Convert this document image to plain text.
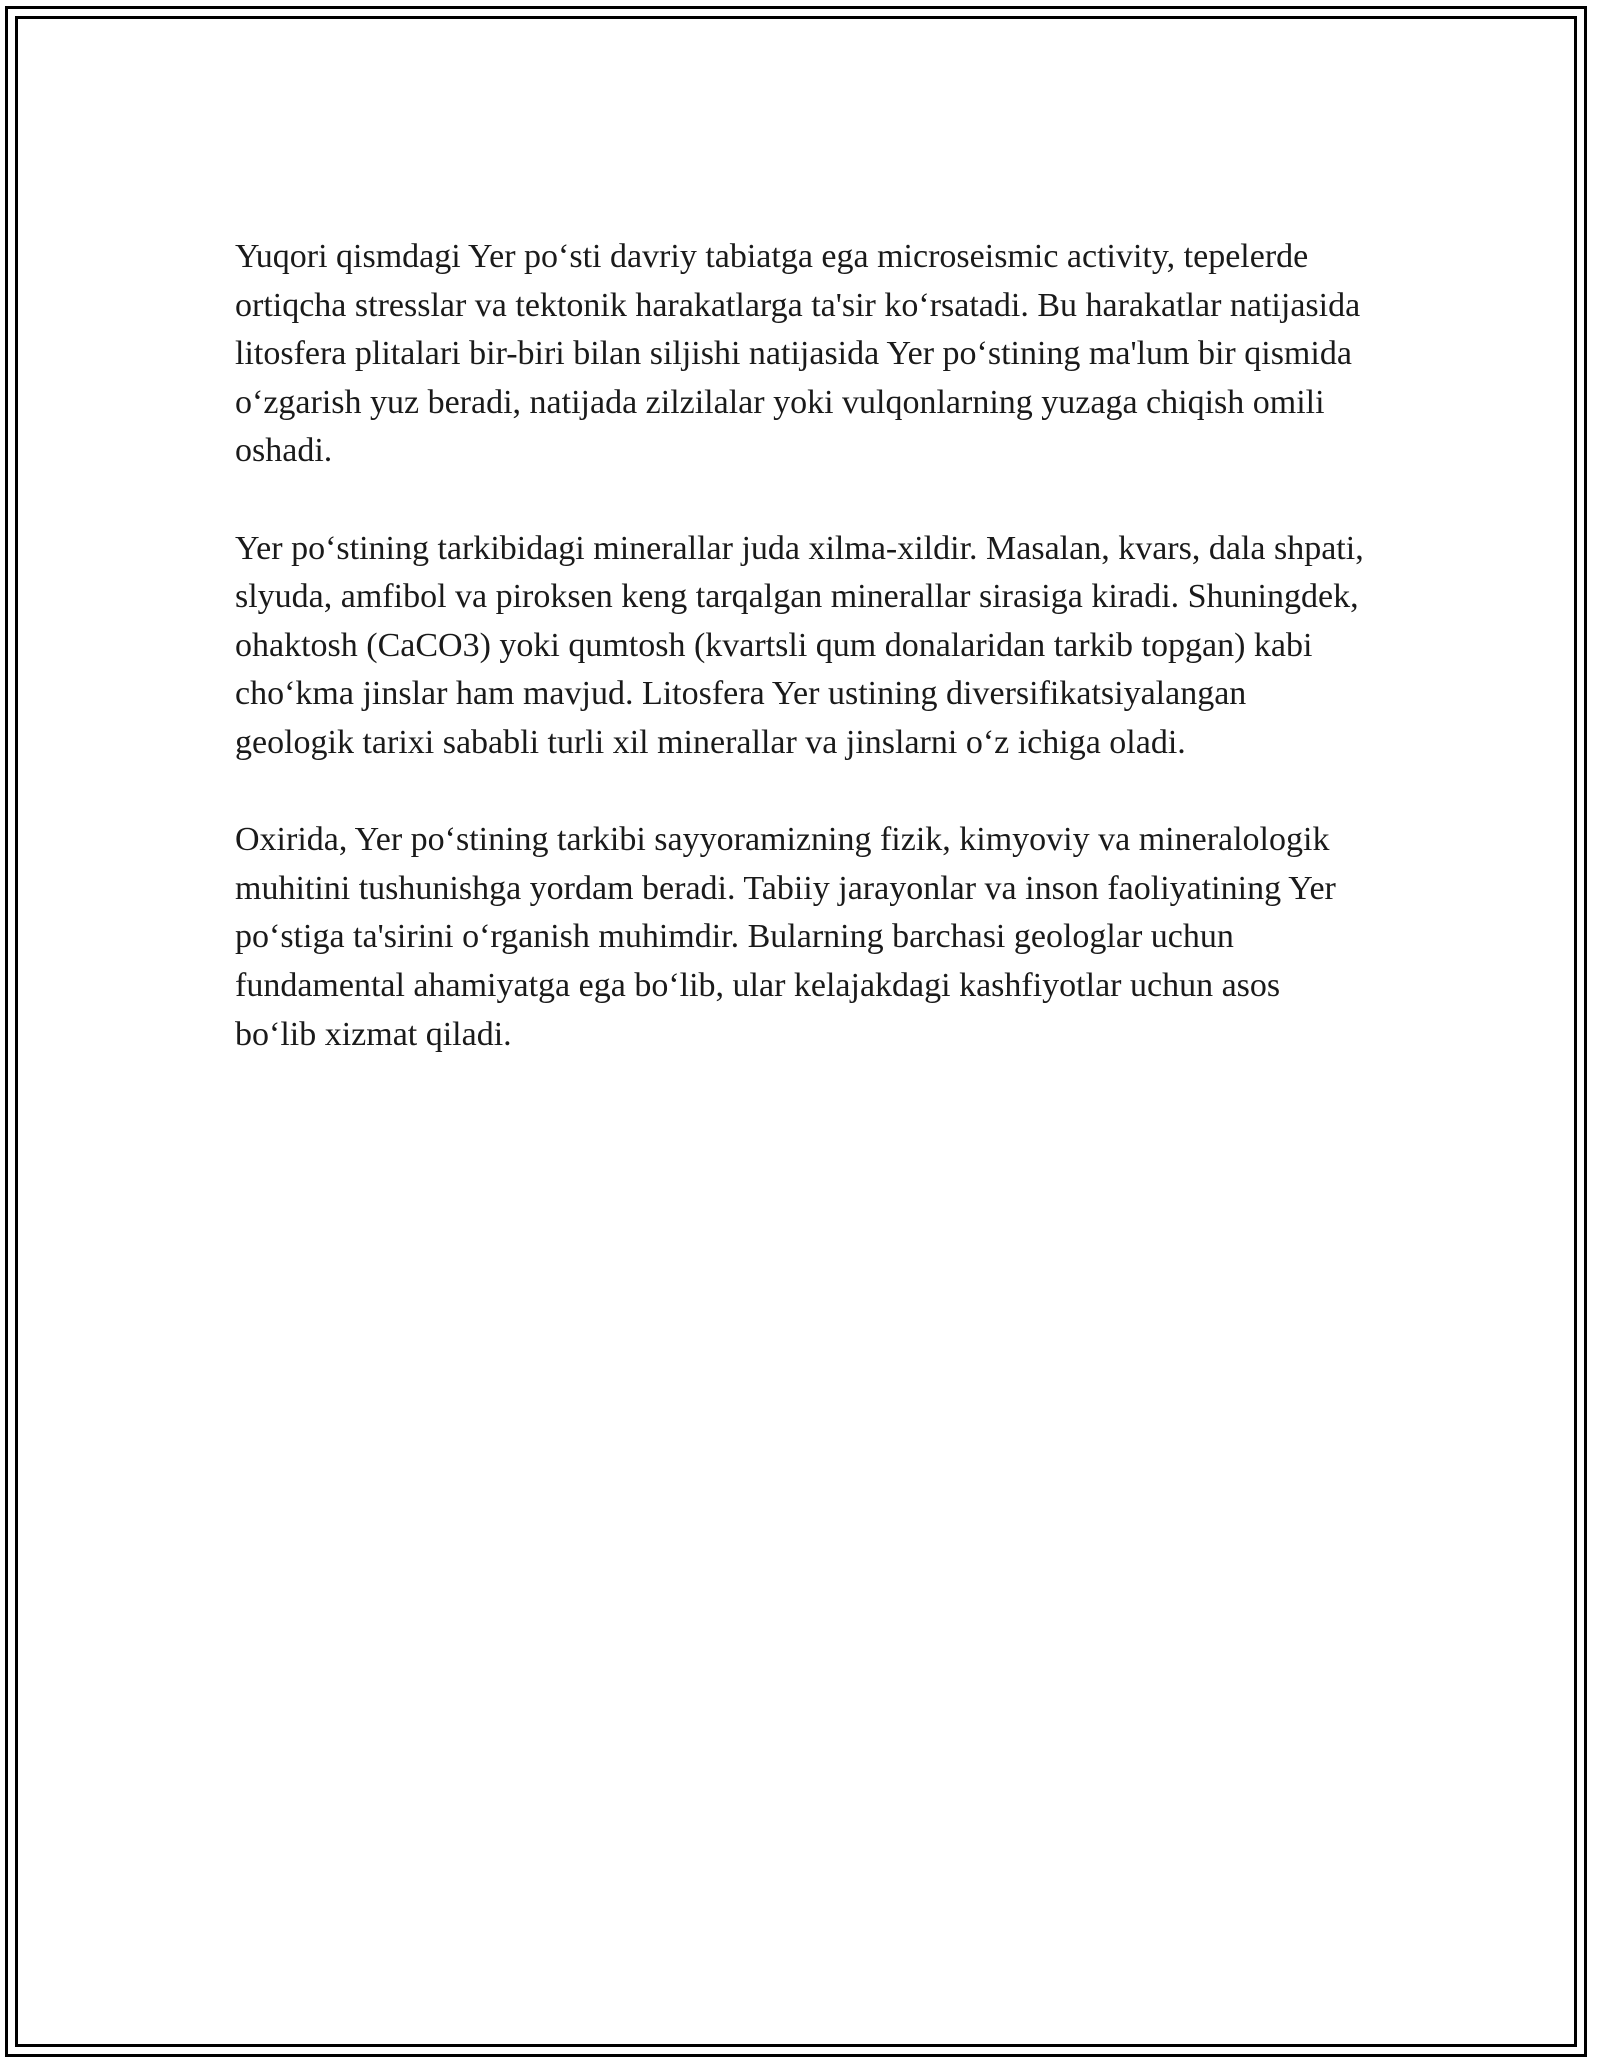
Yuqori qismdagi Yer po‘sti davriy tabiatga ega microseismic activity, tepelerde ortiqcha stresslar va tektonik harakatlarga ta'sir ko‘rsatadi. Bu harakatlar natijasida litosfera plitalari bir-biri bilan siljishi natijasida Yer po‘stining ma'lum bir qismida o‘zgarish yuz beradi, natijada zilzilalar yoki vulqonlarning yuzaga chiqish omili oshadi.

Yer po‘stining tarkibidagi minerallar juda xilma-xildir. Masalan, kvars, dala shpati, slyuda, amfibol va piroksen keng tarqalgan minerallar sirasiga kiradi. Shuningdek, ohaktosh (CaCO3) yoki qumtosh (kvartsli qum donalaridan tarkib topgan) kabi cho‘kma jinslar ham mavjud. Litosfera Yer ustining diversifikatsiyalangan geologik tarixi sababli turli xil minerallar va jinslarni o‘z ichiga oladi.

Oxirida, Yer po‘stining tarkibi sayyoramizning fizik, kimyoviy va mineralologik muhitini tushunishga yordam beradi. Tabiiy jarayonlar va inson faoliyatining Yer po‘stiga ta'sirini o‘rganish muhimdir. Bularning barchasi geologlar uchun fundamental ahamiyatga ega bo‘lib, ular kelajakdagi kashfiyotlar uchun asos bo‘lib xizmat qiladi.
